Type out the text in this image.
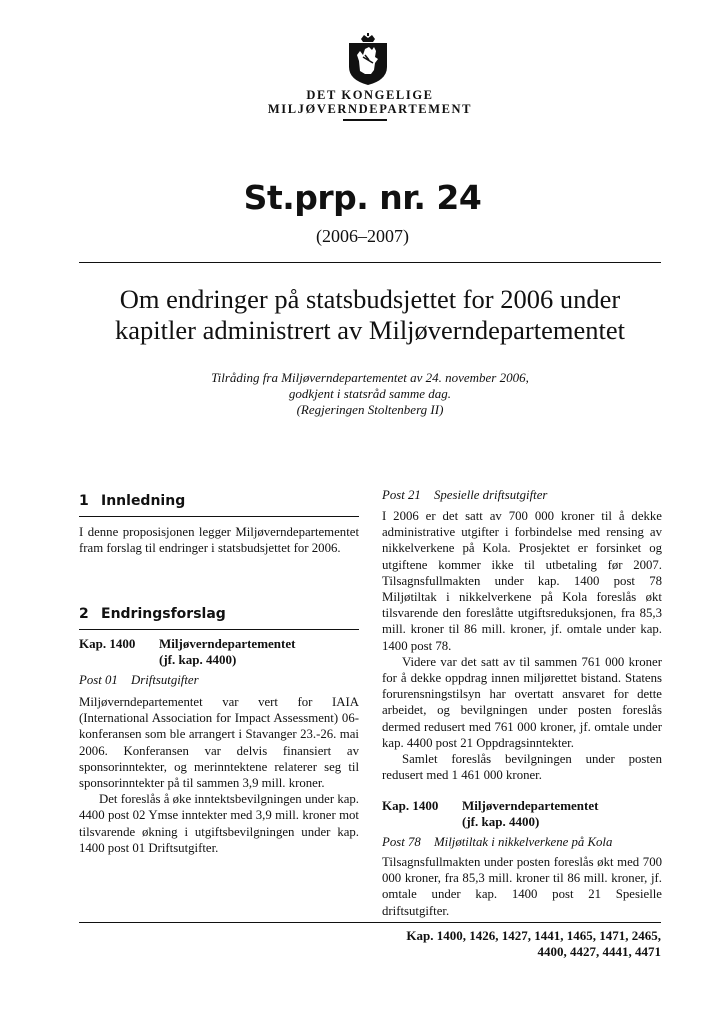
DET KONGELIGE
MILJØVERNDEPARTEMENT
St.prp. nr. 24
(2006–2007)
Om endringer på statsbudsjettet for 2006 under
kapitler administrert av Miljøverndepartementet
Tilråding fra Miljøverndepartementet av 24. november 2006,
godkjent i statsråd samme dag.
(Regjeringen Stoltenberg II)
1 Innledning
I denne proposisjonen legger Miljøverndepartementet fram forslag til endringer i statsbudsjettet for 2006.
2 Endringsforslag
Kap. 1400 Miljøverndepartementet
(jf. kap. 4400)
Post 01 Driftsutgifter

Miljøverndepartementet var vert for IAIA (International Association for Impact Assessment) 06-konferansen som ble arrangert i Stavanger 23.-26. mai 2006. Konferansen var delvis finansiert av sponsorinntekter, og merinntektene relaterer seg til sponsorinntekter på til sammen 3,9 mill. kroner.

Det foreslås å øke inntektsbevilgningen under kap. 4400 post 02 Ymse inntekter med 3,9 mill. kroner mot tilsvarende økning i utgiftsbevilgningen under kap. 1400 post 01 Driftsutgifter.

Post 21 Spesielle driftsutgifter

I 2006 er det satt av 700 000 kroner til å dekke administrative utgifter i forbindelse med rensing av nikkelverkene på Kola. Prosjektet er forsinket og utgiftene kommer ikke til utbetaling før 2007. Tilsagnsfullmakten under kap. 1400 post 78 Miljøtiltak i nikkelverkene på Kola foreslås økt tilsvarende den foreslåtte utgiftsreduksjonen, fra 85,3 mill. kroner til 86 mill. kroner, jf. omtale under kap. 1400 post 78.

Videre var det satt av til sammen 761 000 kroner for å dekke oppdrag innen miljørettet bistand. Statens forurensningstilsyn har overtatt ansvaret for dette arbeidet, og bevilgningen under posten foreslås dermed redusert med 761 000 kroner, jf. omtale under kap. 4400 post 21 Oppdragsinntekter.

Samlet foreslås bevilgningen under posten redusert med 1 461 000 kroner.

Kap. 1400 Miljøverndepartementet
(jf. kap. 4400)
Post 78 Miljøtiltak i nikkelverkene på Kola

Tilsagnsfullmakten under posten foreslås økt med 700 000 kroner, fra 85,3 mill. kroner til 86 mill. kroner, jf. omtale under kap. 1400 post 21 Spesielle driftsutgifter.

Kap. 1400, 1426, 1427, 1441, 1465, 1471, 2465,
4400, 4427, 4441, 4471
